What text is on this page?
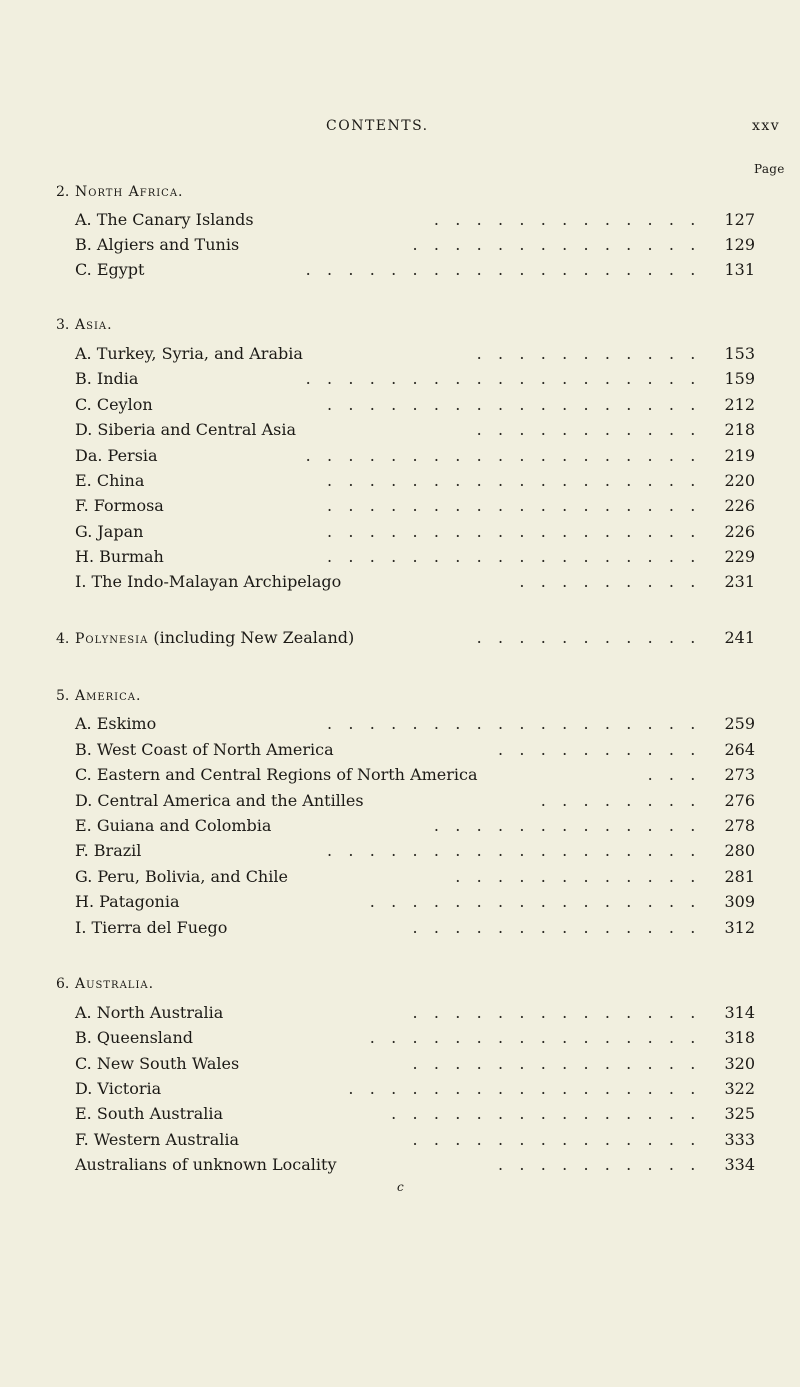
CONTENTS.	xxv
Page
2. North Africa.
A. The Canary Islands	. . . . . . . . . . . . .	127
B. Algiers and Tunis	. . . . . . . . . . . . . .	129
C. Egypt	. . . . . . . . . . . . . . . . . . .	131
3. Asia.
A. Turkey, Syria, and Arabia	. . . . . . . . . . .	153
B. India	. . . . . . . . . . . . . . . . . . .	159
C. Ceylon	. . . . . . . . . . . . . . . . . .	212
D. Siberia and Central Asia	. . . . . . . . . . .	218
Da. Persia	. . . . . . . . . . . . . . . . . . .	219
E. China	. . . . . . . . . . . . . . . . . .	220
F. Formosa	. . . . . . . . . . . . . . . . . .	226
G. Japan	. . . . . . . . . . . . . . . . . .	226
H. Burmah	. . . . . . . . . . . . . . . . . .	229
I. The Indo-Malayan Archipelago	. . . . . . . . .	231
4. Polynesia (including New Zealand)	. . . . . . . . . . .	241
5. America.
A. Eskimo	. . . . . . . . . . . . . . . . . .	259
B. West Coast of North America	. . . . . . . . . .	264
C. Eastern and Central Regions of North America	. . .	273
D. Central America and the Antilles	. . . . . . . .	276
E. Guiana and Colombia	. . . . . . . . . . . . .	278
F. Brazil	. . . . . . . . . . . . . . . . . .	280
G. Peru, Bolivia, and Chile	. . . . . . . . . . . .	281
H. Patagonia	. . . . . . . . . . . . . . . .	309
I. Tierra del Fuego	. . . . . . . . . . . . . .	312
6. Australia.
A. North Australia	. . . . . . . . . . . . . .	314
B. Queensland	. . . . . . . . . . . . . . . .	318
C. New South Wales	. . . . . . . . . . . . . .	320
D. Victoria	. . . . . . . . . . . . . . . . .	322
E. South Australia	. . . . . . . . . . . . . . .	325
F. Western Australia	. . . . . . . . . . . . . .	333
Australians of unknown Locality	. . . . . . . . . .	334
c
